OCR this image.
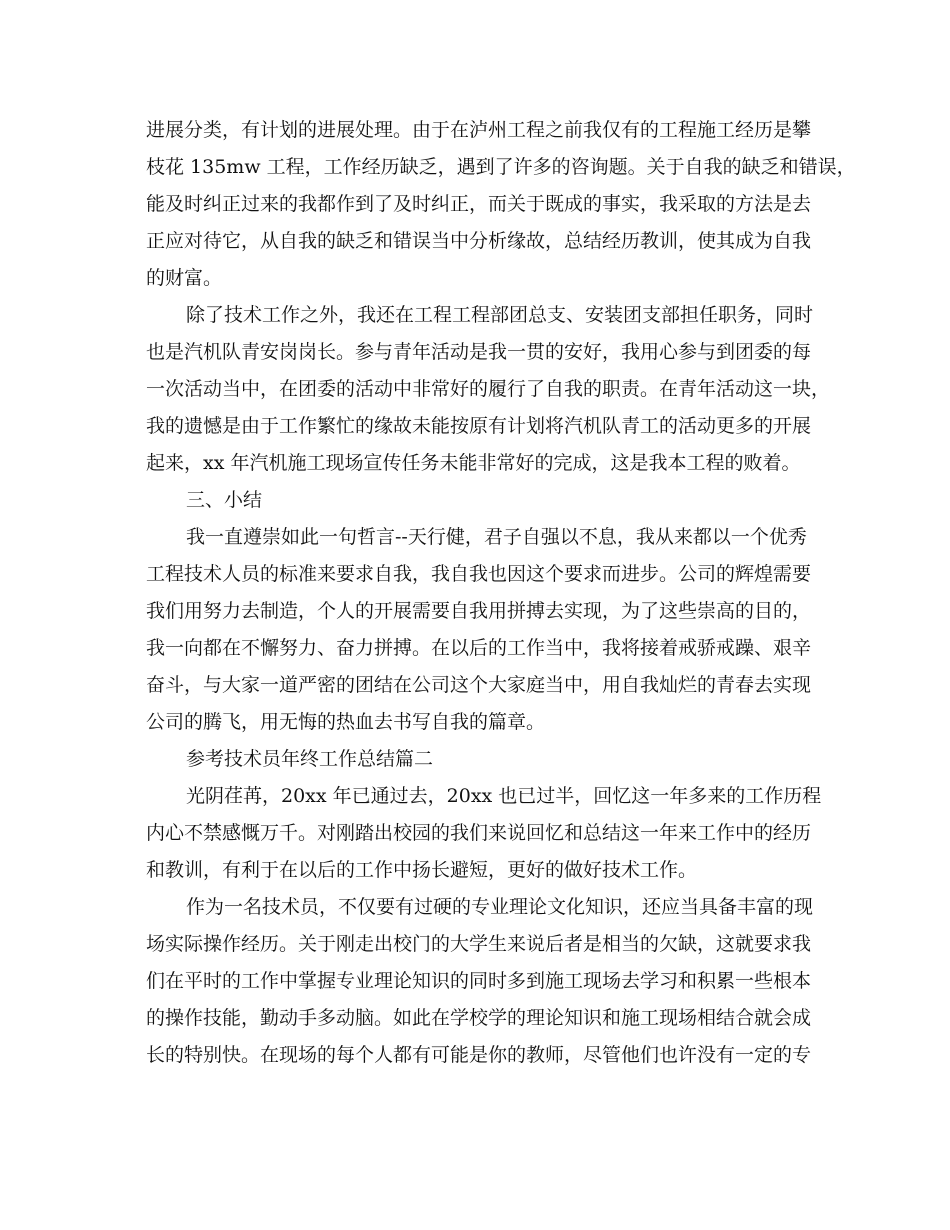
进展分类，有计划的进展处理。由于在泸州工程之前我仅有的工程施工经历是攀
枝花 135mw 工程，工作经历缺乏，遇到了许多的咨询题。关于自我的缺乏和错误，
能及时纠正过来的我都作到了及时纠正，而关于既成的事实，我采取的方法是去
正应对待它，从自我的缺乏和错误当中分析缘故，总结经历教训，使其成为自我
的财富。
除了技术工作之外，我还在工程工程部团总支、安装团支部担任职务，同时
也是汽机队青安岗岗长。参与青年活动是我一贯的安好，我用心参与到团委的每
一次活动当中，在团委的活动中非常好的履行了自我的职责。在青年活动这一块，
我的遗憾是由于工作繁忙的缘故未能按原有计划将汽机队青工的活动更多的开展
起来，xx 年汽机施工现场宣传任务未能非常好的完成，这是我本工程的败着。
三、小结
我一直遵崇如此一句哲言--天行健，君子自强以不息，我从来都以一个优秀
工程技术人员的标准来要求自我，我自我也因这个要求而进步。公司的辉煌需要
我们用努力去制造，个人的开展需要自我用拼搏去实现，为了这些崇高的目的，
我一向都在不懈努力、奋力拼搏。在以后的工作当中，我将接着戒骄戒躁、艰辛
奋斗，与大家一道严密的团结在公司这个大家庭当中，用自我灿烂的青春去实现
公司的腾飞，用无悔的热血去书写自我的篇章。
参考技术员年终工作总结篇二
光阴荏苒，20xx 年已通过去，20xx 也已过半，回忆这一年多来的工作历程
内心不禁感慨万千。对刚踏出校园的我们来说回忆和总结这一年来工作中的经历
和教训，有利于在以后的工作中扬长避短，更好的做好技术工作。
作为一名技术员，不仅要有过硬的专业理论文化知识，还应当具备丰富的现
场实际操作经历。关于刚走出校门的大学生来说后者是相当的欠缺，这就要求我
们在平时的工作中掌握专业理论知识的同时多到施工现场去学习和积累一些根本
的操作技能，勤动手多动脑。如此在学校学的理论知识和施工现场相结合就会成
长的特别快。在现场的每个人都有可能是你的教师，尽管他们也许没有一定的专
